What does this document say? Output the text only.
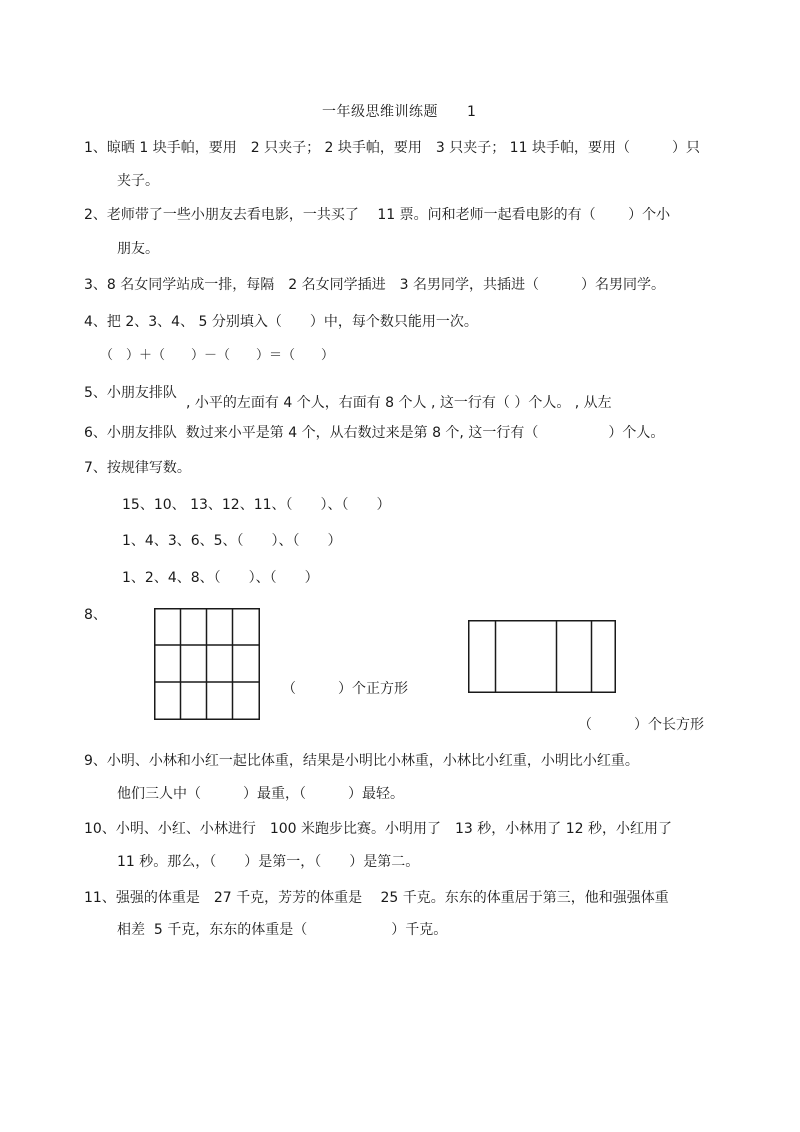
一年级思维训练题　　1
1、晾晒 1 块手帕，要用　2 只夹子； 2 块手帕，要用　3 只夹子； 11 块手帕，要用（　　　）只
夹子。
2、老师带了一些小朋友去看电影，一共买了　 11 票。问和老师一起看电影的有（　　 ）个小
朋友。
3、8 名女同学站成一排，每隔　2 名女同学插进　3 名男同学，共插进（　　　）名男同学。
4、把 2、3、4、 5 分别填入（　　）中，每个数只能用一次。
（　）＋（　　）－（　　）＝（　　）
5、小朋友排队
, 小平的左面有 4 个人，右面有 8 个人 , 这一行有（ ）个人。 , 从左
6、小朋友排队  数过来小平是第 4 个，从右数过来是第 8 个, 这一行有（　　　　　）个人。
7、按规律写数。
15、10、 13、12、11、（　　）、（　　）
1、4、3、6、5、（　　）、（　　）
1、2、4、8、（　　）、（　　）
8、
（　　　）个正方形
（　　　）个长方形
9、小明、小林和小红一起比体重，结果是小明比小林重，小林比小红重，小明比小红重。
他们三人中（　　　）最重，（　　　）最轻。
10、小明、小红、小林进行　100 米跑步比赛。小明用了　13 秒，小林用了 12 秒，小红用了
11 秒。那么，（　　）是第一，（　　）是第二。
11、强强的体重是　27 千克，芳芳的体重是　 25 千克。东东的体重居于第三，他和强强体重
相差  5 千克，东东的体重是（　　　　　　）千克。
